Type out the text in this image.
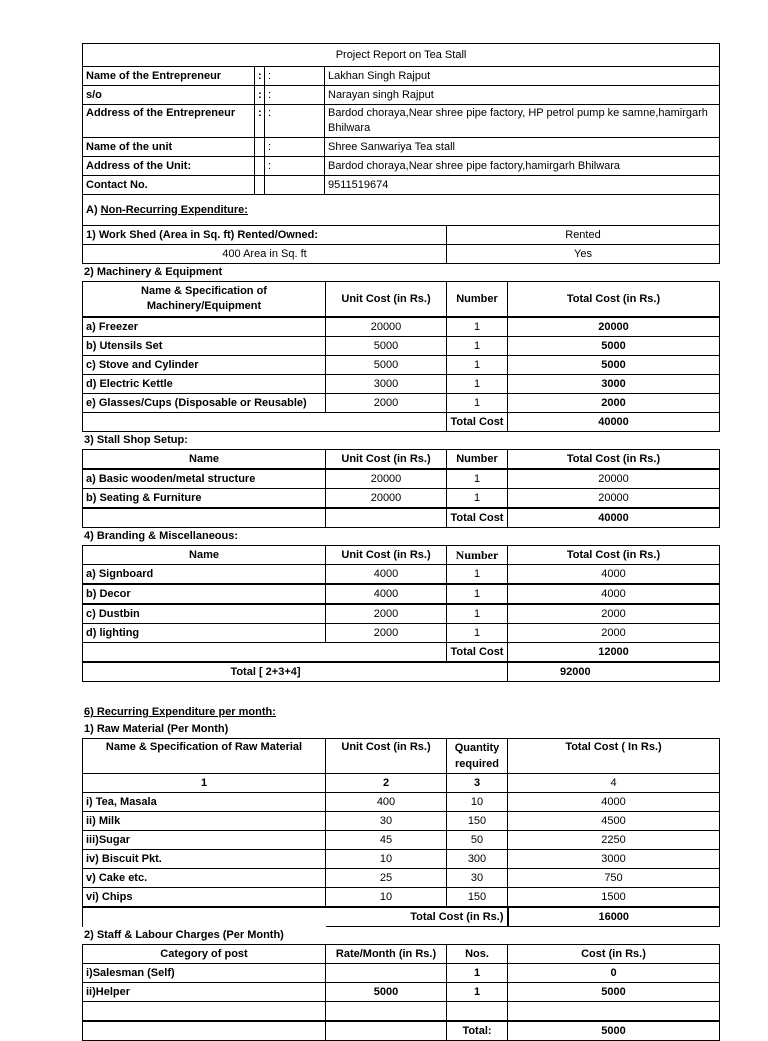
Project Report on Tea Stall			
Name of the Entrepreneur	:	:	Lakhan Singh Rajput
s/o	:	:	Narayan singh Rajput
Address of the Entrepreneur	:	:	Bardod choraya,Near shree pipe factory, HP petrol pump ke samne,hamirgarh Bhilwara
Name of the unit		:	Shree Sanwariya Tea stall
Address of the Unit:		:	Bardod choraya,Near shree pipe factory,hamirgarh Bhilwara
Contact No.			9511519674
A) Non-Recurring Expenditure:			
1) Work Shed (Area in Sq. ft) Rented/Owned:	Rented
400 Area in Sq. ft	Yes
2) Machinery & Equipment
Name & Specification of Machinery/Equipment	Unit Cost (in Rs.)	Number	Total Cost (in Rs.)
a) Freezer	20000	1	20000
b) Utensils Set	5000	1	5000
c) Stove and Cylinder	5000	1	5000
d) Electric Kettle	3000	1	3000
e) Glasses/Cups (Disposable or Reusable)	2000	1	2000
		Total Cost	40000
3) Stall Shop Setup:
Name	Unit Cost (in Rs.)	Number	Total Cost (in Rs.)
a) Basic wooden/metal structure	20000	1	20000
b) Seating & Furniture	20000	1	20000
		Total Cost	40000
4) Branding & Miscellaneous:
Name	Unit Cost (in Rs.)	Number	Total Cost (in Rs.)
a) Signboard	4000	1	4000
b) Decor	4000	1	4000
c) Dustbin	2000	1	2000
d) lighting	2000	1	2000
		Total Cost	12000
Total [ 2+3+4]			92000
6) Recurring Expenditure per month:
1) Raw Material (Per Month)
Name & Specification of Raw Material	Unit Cost (in Rs.)	Quantity required	Total Cost ( In Rs.)
1	2	3	4
i) Tea, Masala	400	10	4000
ii) Milk	30	150	4500
iii)Sugar	45	50	2250
iv) Biscuit Pkt.	10	300	3000
v) Cake etc.	25	30	750
vi) Chips	10	150	1500
	Total Cost (in Rs.)		16000
2) Staff & Labour Charges (Per Month)
Category of post	Rate/Month (in Rs.)	Nos.	Cost (in Rs.)
i)Salesman (Self)		1	0
ii)Helper	5000	1	5000

		Total:	5000
